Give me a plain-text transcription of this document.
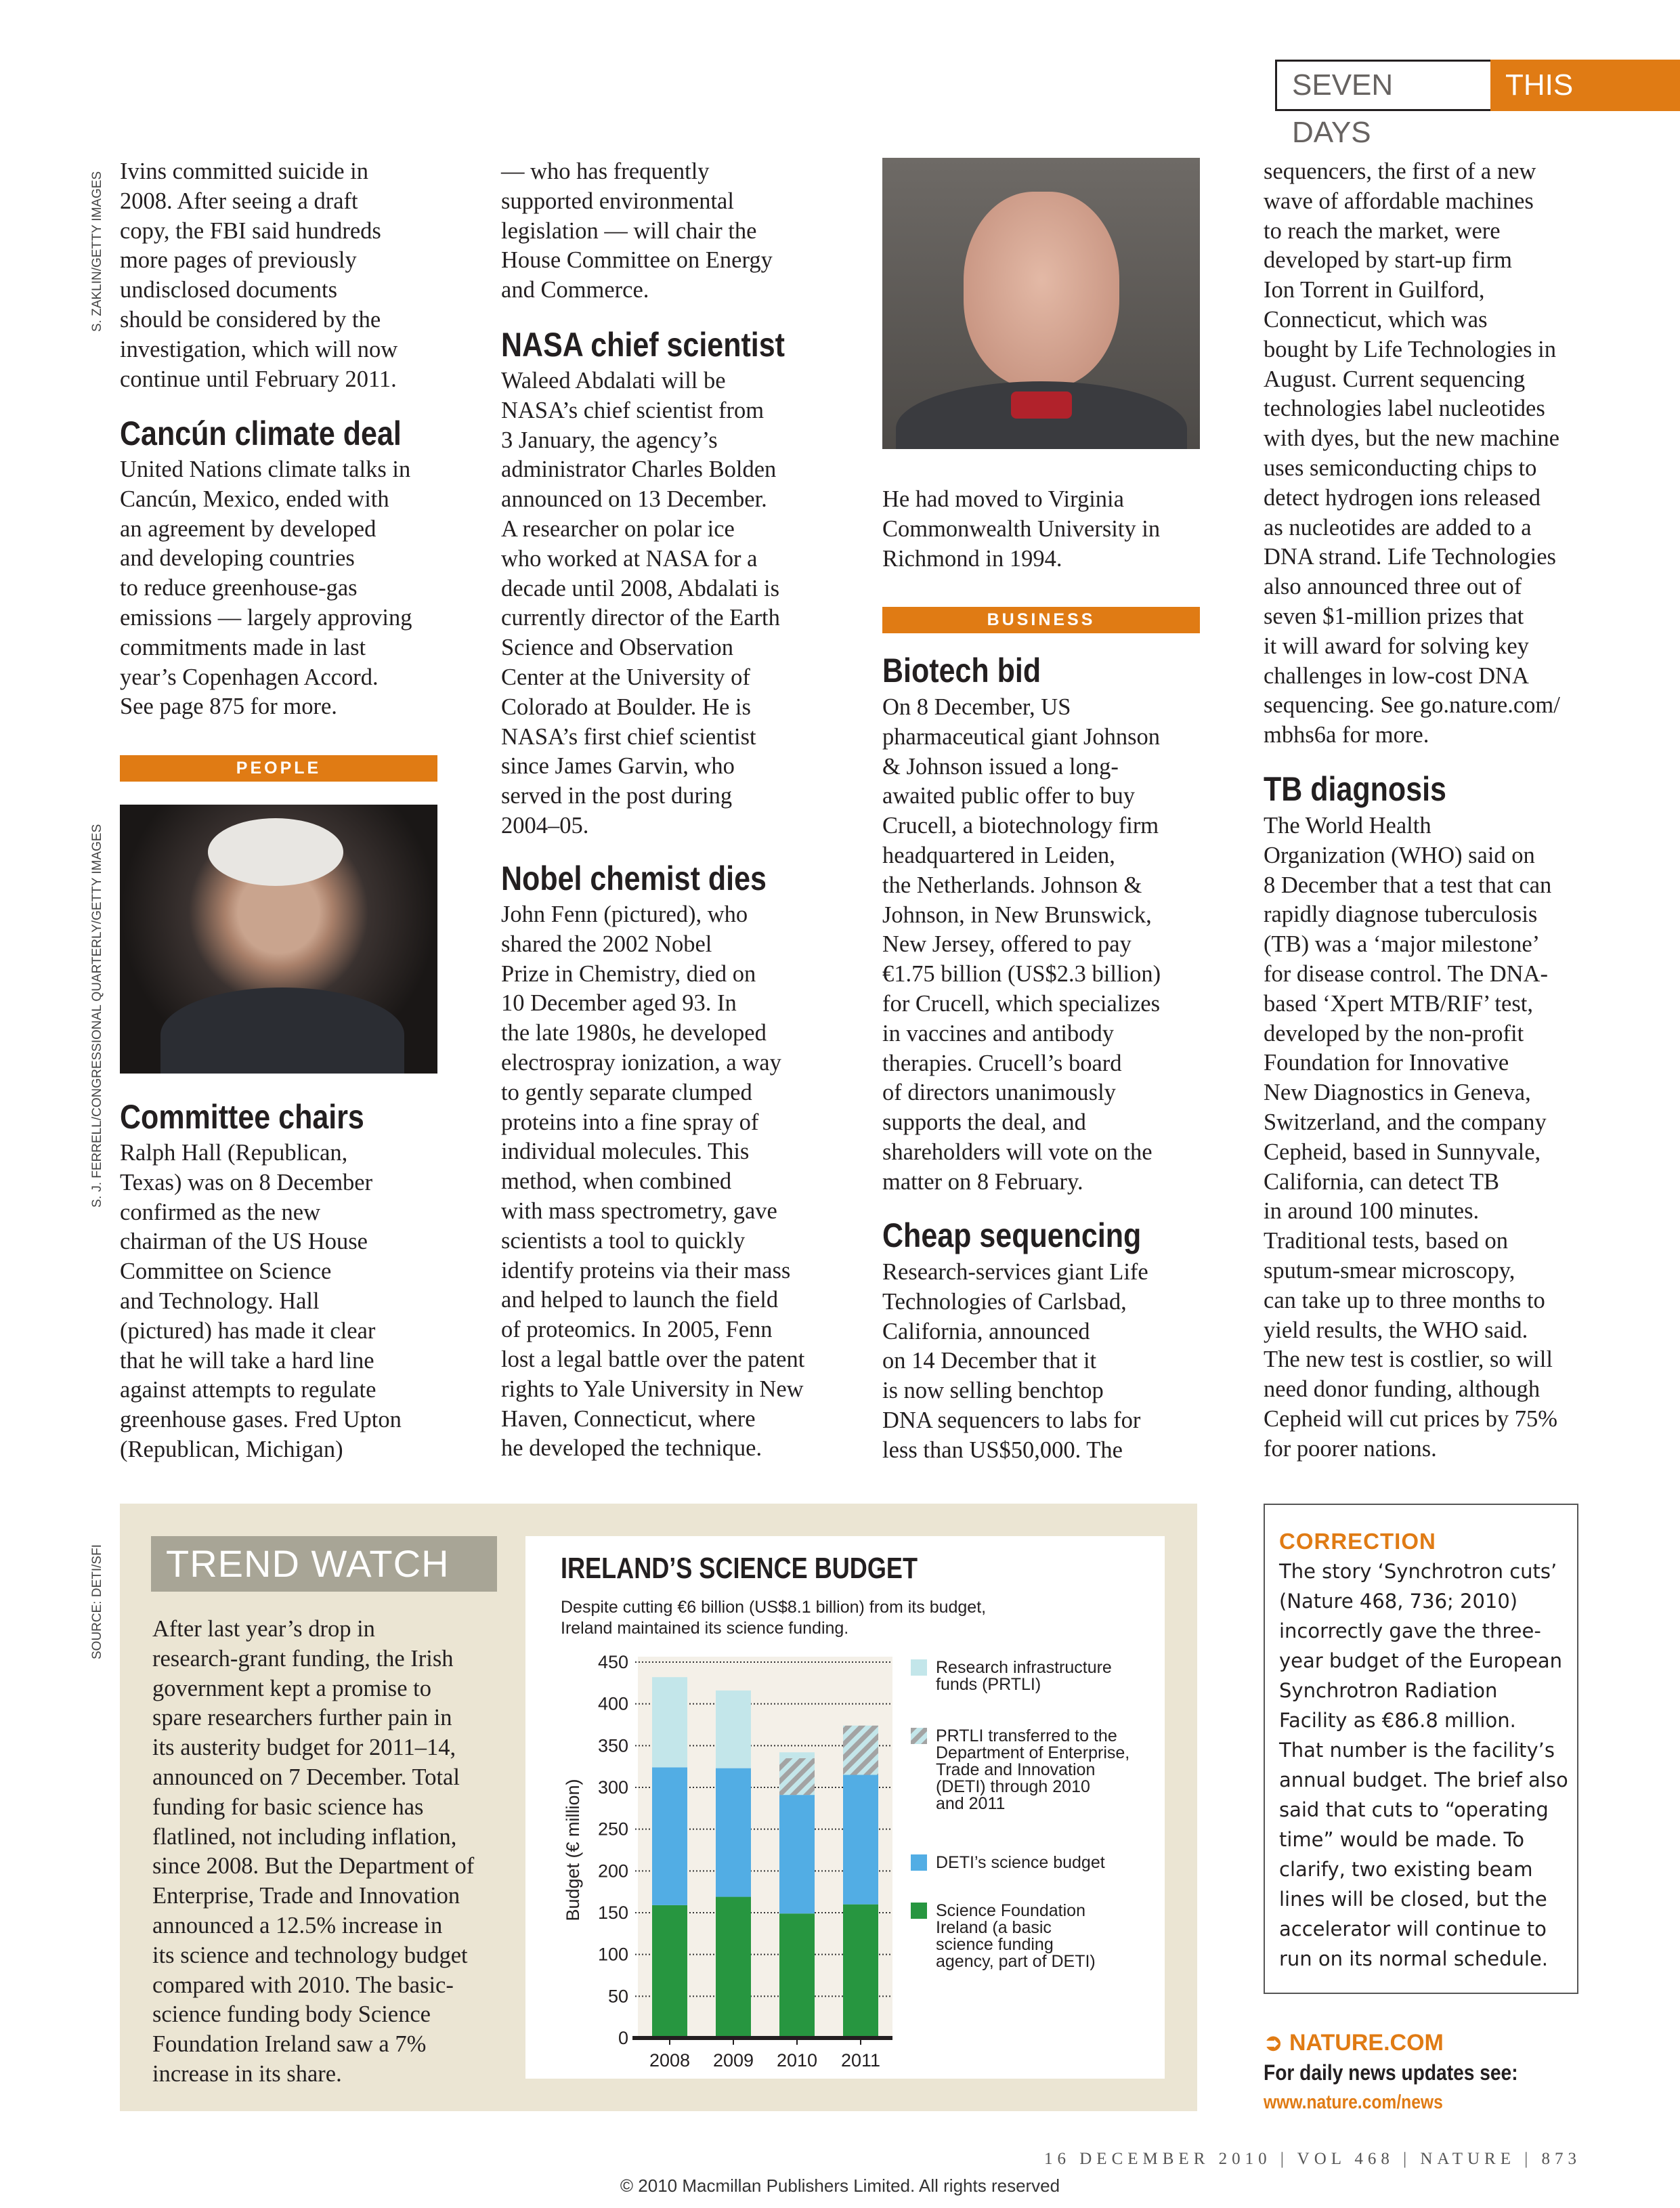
SEVEN DAYS
THIS WEEK
S. ZAKLIN/GETTY IMAGES
S. J. FERRELL/CONGRESSIONAL QUARTERLY/GETTY IMAGES
SOURCE: DETI/SFI
Ivins committed suicide in
2008. After seeing a draft
copy, the FBI said hundreds
more pages of previously
undisclosed documents
should be considered by the
investigation, which will now
continue until February 2011.
Cancún climate deal
United Nations climate talks in
Cancún, Mexico, ended with
an agreement by developed
and developing countries
to reduce greenhouse-gas
emissions — largely approving
commitments made in last
year’s Copenhagen Accord.
See page 875 for more.
PEOPLE
Committee chairs
Ralph Hall (Republican,
Texas) was on 8 December
confirmed as the new
chairman of the US House
Committee on Science
and Technology. Hall
(pictured) has made it clear
that he will take a hard line
against attempts to regulate
greenhouse gases. Fred Upton
(Republican, Michigan)
— who has frequently
supported environmental
legislation — will chair the
House Committee on Energy
and Commerce.
NASA chief scientist
Waleed Abdalati will be
NASA’s chief scientist from
3 January, the agency’s
administrator Charles Bolden
announced on 13 December.
A researcher on polar ice
who worked at NASA for a
decade until 2008, Abdalati is
currently director of the Earth
Science and Observation
Center at the University of
Colorado at Boulder. He is
NASA’s first chief scientist
since James Garvin, who
served in the post during
2004–05.
Nobel chemist dies
John Fenn (pictured), who
shared the 2002 Nobel
Prize in Chemistry, died on
10 December aged 93. In
the late 1980s, he developed
electrospray ionization, a way
to gently separate clumped
proteins into a fine spray of
individual molecules. This
method, when combined
with mass spectrometry, gave
scientists a tool to quickly
identify proteins via their mass
and helped to launch the field
of proteomics. In 2005, Fenn
lost a legal battle over the patent
rights to Yale University in New
Haven, Connecticut, where
he developed the technique.
He had moved to Virginia
Commonwealth University in
Richmond in 1994.
BUSINESS
Biotech bid
On 8 December, US
pharmaceutical giant Johnson
& Johnson issued a long-
awaited public offer to buy
Crucell, a biotechnology firm
headquartered in Leiden,
the Netherlands. Johnson &
Johnson, in New Brunswick,
New Jersey, offered to pay
€1.75 billion (US$2.3 billion)
for Crucell, which specializes
in vaccines and antibody
therapies. Crucell’s board
of directors unanimously
supports the deal, and
shareholders will vote on the
matter on 8 February.
Cheap sequencing
Research-services giant Life
Technologies of Carlsbad,
California, announced
on 14 December that it
is now selling benchtop
DNA sequencers to labs for
less than US$50,000. The
sequencers, the first of a new
wave of affordable machines
to reach the market, were
developed by start-up firm
Ion Torrent in Guilford,
Connecticut, which was
bought by Life Technologies in
August. Current sequencing
technologies label nucleotides
with dyes, but the new machine
uses semiconducting chips to
detect hydrogen ions released
as nucleotides are added to a
DNA strand. Life Technologies
also announced three out of
seven $1-million prizes that
it will award for solving key
challenges in low-cost DNA
sequencing. See go.nature.com/
mbhs6a for more.
TB diagnosis
The World Health
Organization (WHO) said on
8 December that a test that can
rapidly diagnose tuberculosis
(TB) was a ‘major milestone’
for disease control. The DNA-
based ‘Xpert MTB/RIF’ test,
developed by the non-profit
Foundation for Innovative
New Diagnostics in Geneva,
Switzerland, and the company
Cepheid, based in Sunnyvale,
California, can detect TB
in around 100 minutes.
Traditional tests, based on
sputum-smear microscopy,
can take up to three months to
yield results, the WHO said.
The new test is costlier, so will
need donor funding, although
Cepheid will cut prices by 75%
for poorer nations.
TREND WATCH
After last year’s drop in
research-grant funding, the Irish
government kept a promise to
spare researchers further pain in
its austerity budget for 2011–14,
announced on 7 December. Total
funding for basic science has
flatlined, not including inflation,
since 2008. But the Department of
Enterprise, Trade and Innovation
announced a 12.5% increase in
its science and technology budget
compared with 2010. The basic-
science funding body Science
Foundation Ireland saw a 7%
increase in its share.
IRELAND’S SCIENCE BUDGET
Despite cutting €6 billion (US$8.1 billion) from its budget,
Ireland maintained its science funding.
0
50
100
150
200
250
300
350
400
450
Budget (€ million)
2008 2009 2010 2011
Science Foundation
Ireland (a basic
science funding
agency, part of DETI)
DETI’s science budget
PRTLI transferred to the
Department of Enterprise,
Trade and Innovation
(DETI) through 2010
and 2011
Research infrastructure
funds (PRTLI)
CORRECTION
The story ‘Synchrotron cuts’
(Nature 468, 736; 2010)
incorrectly gave the three-
year budget of the European
Synchrotron Radiation
Facility as €86.8 million.
That number is the facility’s
annual budget. The brief also
said that cuts to “operating
time” would be made. To
clarify, two existing beam
lines will be closed, but the
accelerator will continue to
run on its normal schedule.
➲ NATURE.COM
For daily news updates see:
www.nature.com/news
16 DECEMBER 2010 | VOL 468 | NATURE | 873
© 2010 Macmillan Publishers Limited. All rights reserved
